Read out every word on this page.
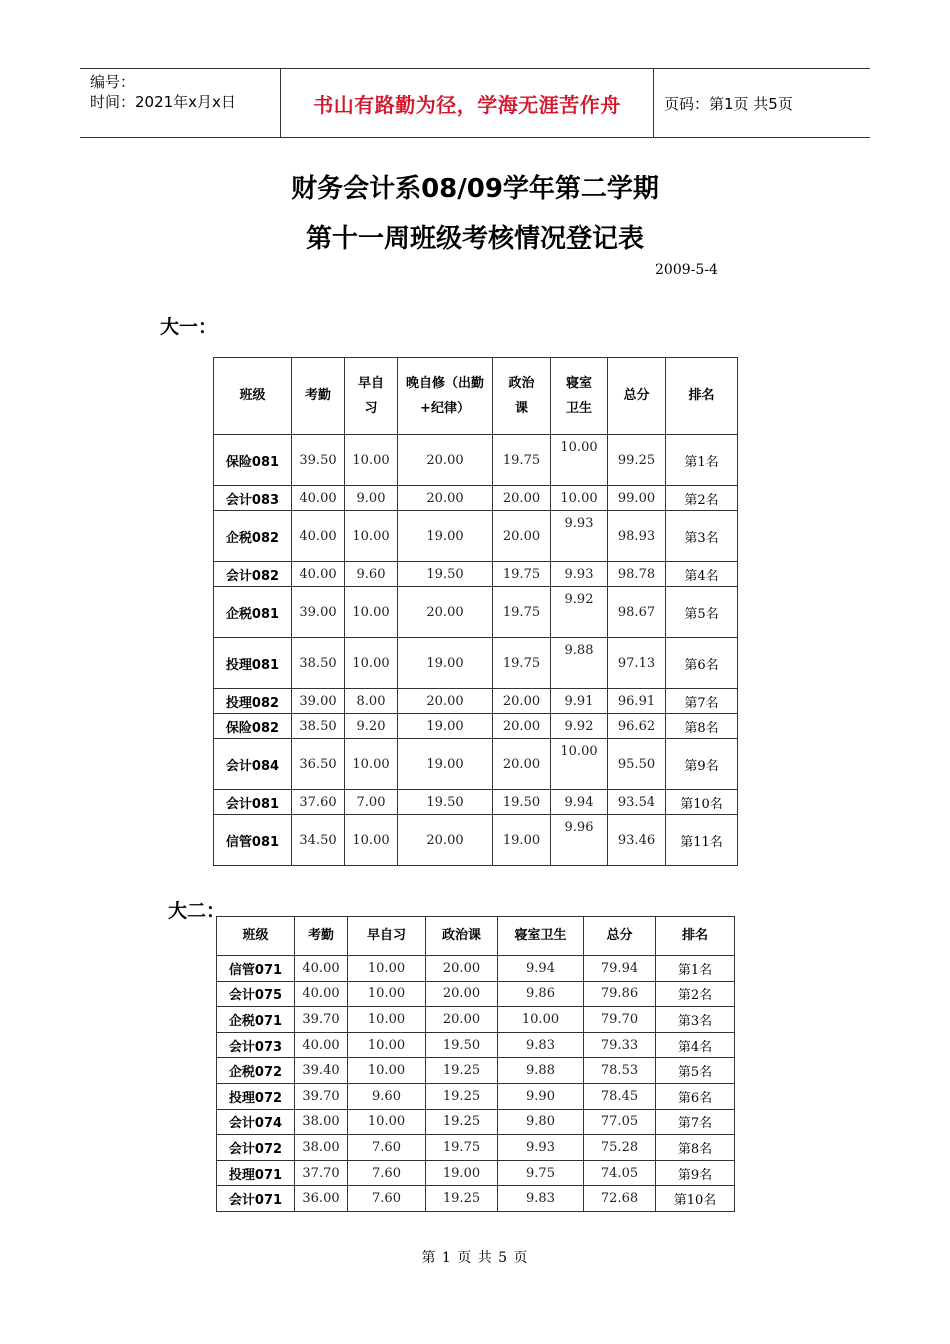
编号：
时间：2021年x月x日	书山有路勤为径，学海无涯苦作舟	页码：第1页 共5页
财务会计系08/09学年第二学期
第十一周班级考核情况登记表
2009-5-4
大一：
班级	考勤	早自习	晚自修（出勤+纪律）	政治课	寝室卫生	总分	排名
保险081	39.50	10.00	20.00	19.75	10.00	99.25	第1名
会计083	40.00	9.00	20.00	20.00	10.00	99.00	第2名
企税082	40.00	10.00	19.00	20.00	9.93	98.93	第3名
会计082	40.00	9.60	19.50	19.75	9.93	98.78	第4名
企税081	39.00	10.00	20.00	19.75	9.92	98.67	第5名
投理081	38.50	10.00	19.00	19.75	9.88	97.13	第6名
投理082	39.00	8.00	20.00	20.00	9.91	96.91	第7名
保险082	38.50	9.20	19.00	20.00	9.92	96.62	第8名
会计084	36.50	10.00	19.00	20.00	10.00	95.50	第9名
会计081	37.60	7.00	19.50	19.50	9.94	93.54	第10名
信管081	34.50	10.00	20.00	19.00	9.96	93.46	第11名
大二：
班级	考勤	早自习	政治课	寝室卫生	总分	排名
信管071	40.00	10.00	20.00	9.94	79.94	第1名
会计075	40.00	10.00	20.00	9.86	79.86	第2名
企税071	39.70	10.00	20.00	10.00	79.70	第3名
会计073	40.00	10.00	19.50	9.83	79.33	第4名
企税072	39.40	10.00	19.25	9.88	78.53	第5名
投理072	39.70	9.60	19.25	9.90	78.45	第6名
会计074	38.00	10.00	19.25	9.80	77.05	第7名
会计072	38.00	7.60	19.75	9.93	75.28	第8名
投理071	37.70	7.60	19.00	9.75	74.05	第9名
会计071	36.00	7.60	19.25	9.83	72.68	第10名
第 1 页 共 5 页
